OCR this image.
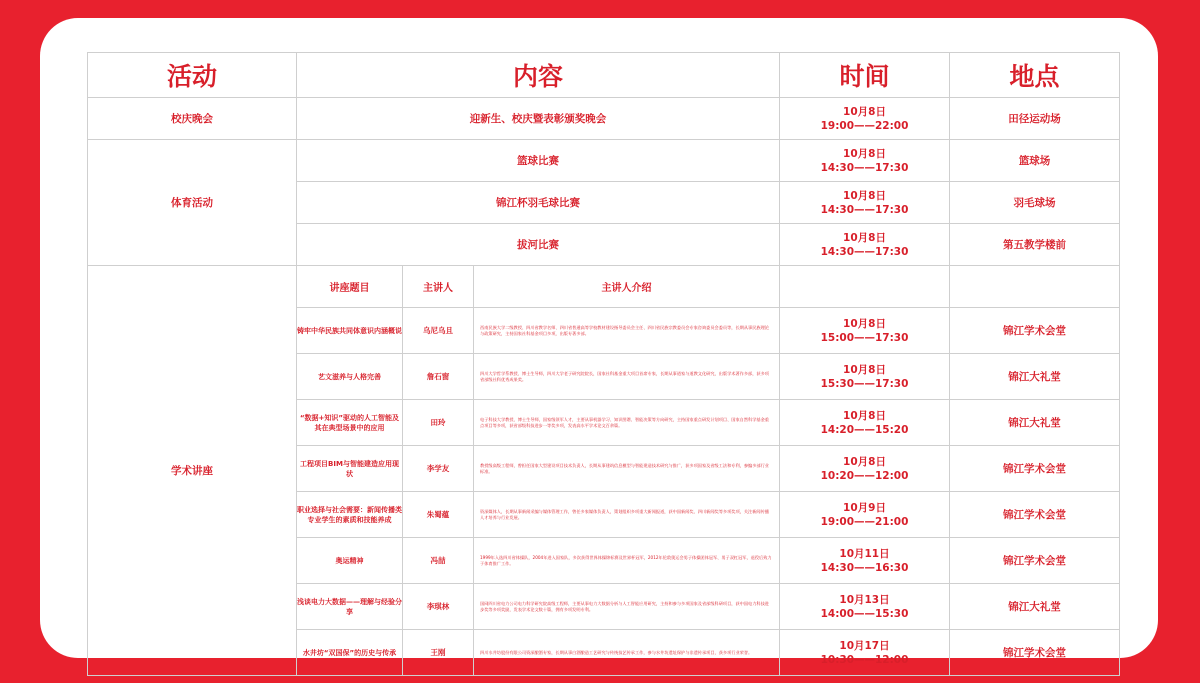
活动	内容			时间	地点
校庆晚会	迎新生、校庆暨表彰颁奖晚会			10月8日
19:00——22:00	田径运动场
体育活动	篮球比赛			10月8日
14:30——17:30	篮球场
	锦江杯羽毛球比赛			10月8日
14:30——17:30	羽毛球场
	拔河比赛			10月8日
14:30——17:30	第五教学楼前
学术讲座	讲座题目	主讲人	主讲人介绍		
	铸牢中华民族共同体意识内涵概说	乌尼乌且	西南民族大学二级教授、四川省教学名师、四川省普通高等学校教材建设指导委员会主任、四川省民族宗教委员会专家咨询委员会委员等，长期从事民族理论与政策研究，主持国家社科基金项目多项，出版专著多部。	10月8日
15:00——17:30	锦江学术会堂
	艺文滋养与人格完善	詹石窗	四川大学哲学系教授、博士生导师，四川大学老子研究院院长，国家社科基金重大项目首席专家，长期从事道家与道教文化研究，出版学术著作多部，获多项省部级社科优秀成果奖。	10月8日
15:30——17:30	锦江大礼堂
	“数据+知识”驱动的人工智能及其在典型场景中的应用	田玲	电子科技大学教授、博士生导师，国家级领军人才，主要从事机器学习、知识图谱、智能决策等方向研究，主持国家重点研发计划项目、国家自然科学基金重点项目等多项，获省部级科技进步一等奖多项，发表高水平学术论文百余篇。	10月8日
14:20——15:20	锦江大礼堂
	工程项目BIM与智能建造应用现状	李学友	教授级高级工程师，曾担任国家大型建设项目技术负责人，长期从事建筑信息模型与智能建造技术研究与推广，获多项国家及省级工法和专利，参编多部行业标准。	10月8日
10:20——12:00	锦江学术会堂
	职业选择与社会需要：新闻传播类专业学生的素质和技能养成	朱蜀蕴	资深媒体人，长期从事新闻采编与媒体管理工作，曾任多家媒体负责人，策划组织多项重大新闻报道，获中国新闻奖、四川新闻奖等多项奖项，关注新闻传播人才培养与行业发展。	10月9日
19:00——21:00	锦江学术会堂
	奥运精神	冯喆	1999年入选四川省体操队，2004年进入国家队，多次获得世界体操锦标赛及世界杯冠军，2012年伦敦奥运会男子体操团体冠军、男子双杠冠军，退役后致力于体育推广工作。	10月11日
14:30——16:30	锦江学术会堂
	浅谈电力大数据——理解与经验分享	李琪林	国网四川省电力公司电力科学研究院高级工程师，主要从事电力大数据分析与人工智能应用研究，主持和参与多项国家及省部级科研项目，获中国电力科技进步奖等多项奖励，发表学术论文数十篇，拥有多项发明专利。	10月13日
14:00——15:30	锦江大礼堂
	水井坊“双国保”的历史与传承	王刚	四川水井坊股份有限公司资深酿酒专家，长期从事白酒酿造工艺研究与传统技艺传承工作，参与水井坊遗址保护与非遗传承项目，获多项行业荣誉。	10月17日
10:30——12:00	锦江学术会堂
